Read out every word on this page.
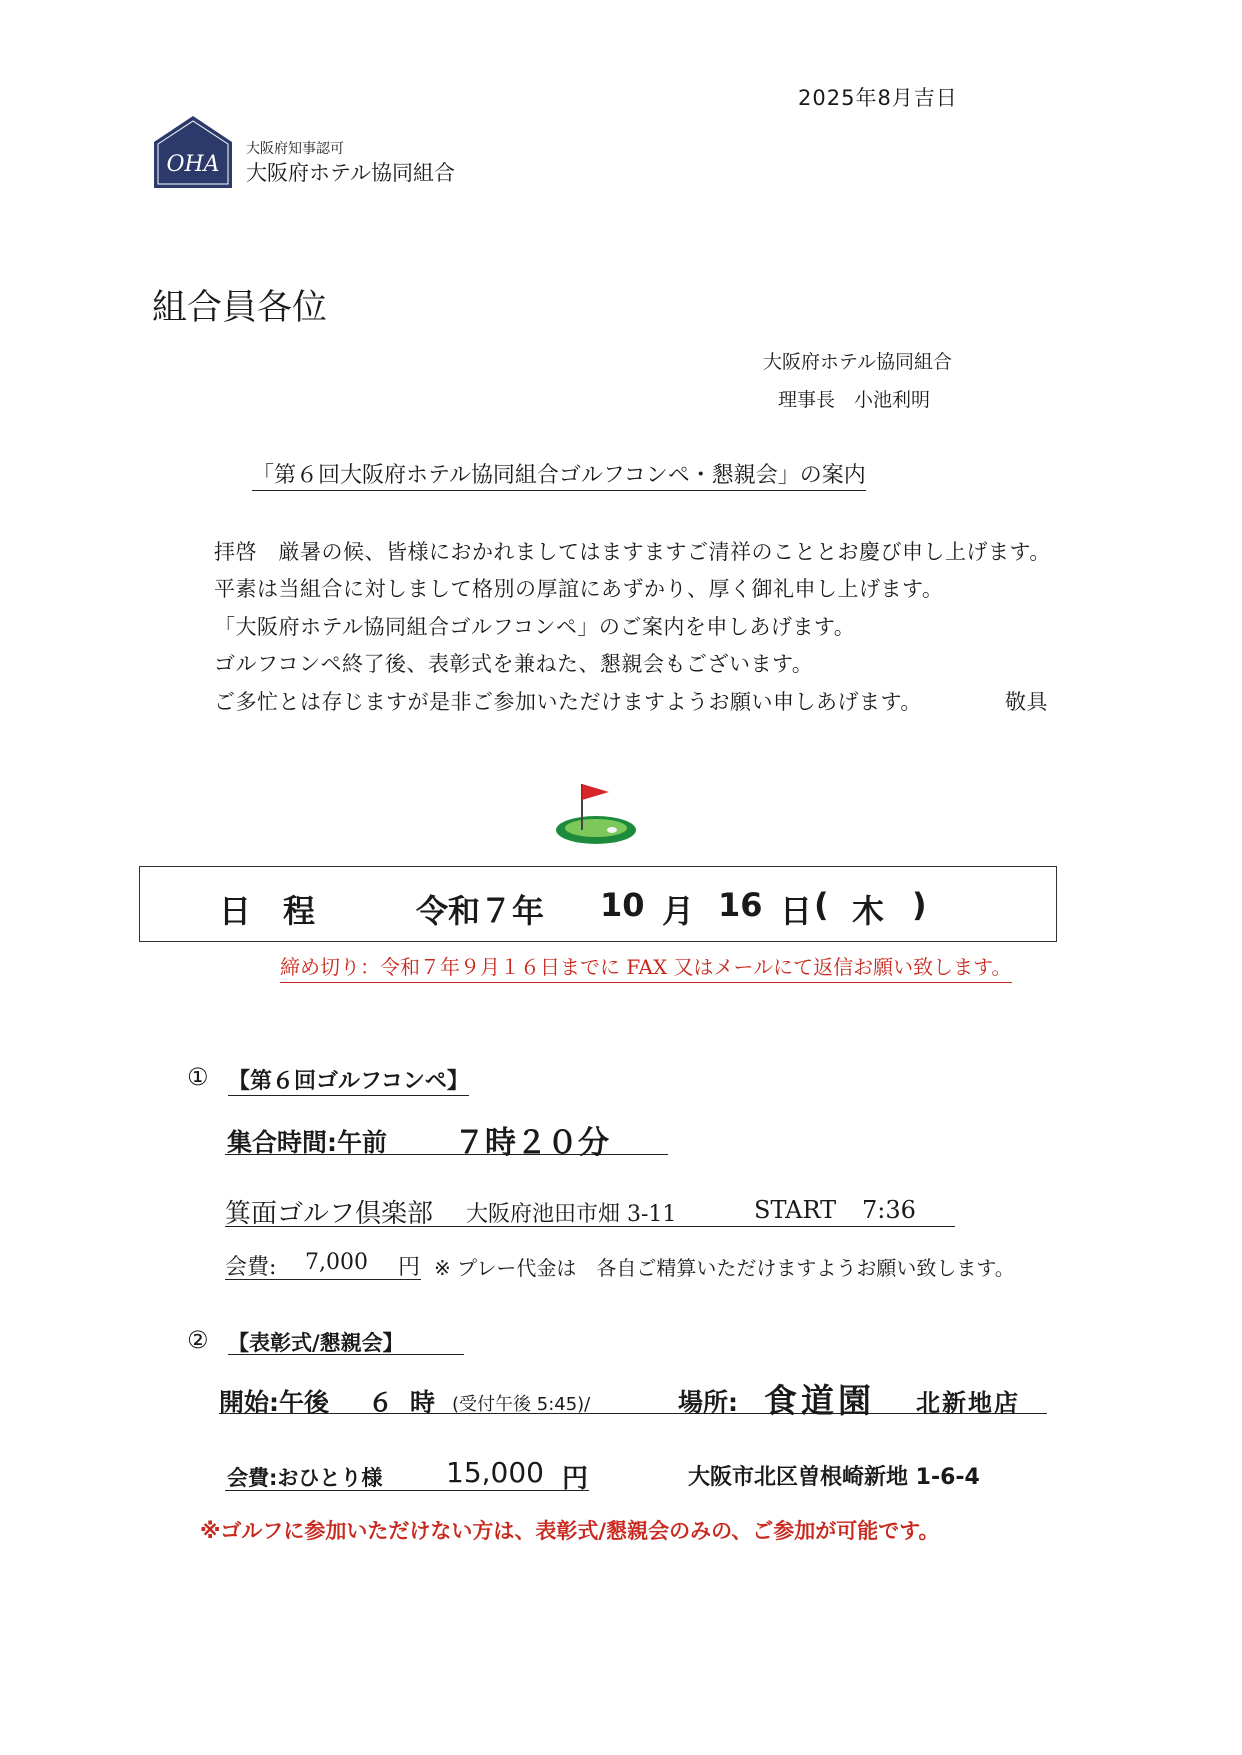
2025年8月吉日
OHA
大阪府知事認可
大阪府ホテル協同組合
組合員各位
大阪府ホテル協同組合
理事長 小池利明
「第６回大阪府ホテル協同組合ゴルフコンペ・懇親会」の案内
拝啓　厳暑の候、皆様におかれましてはますますご清祥のこととお慶び申し上げます。
平素は当組合に対しまして格別の厚誼にあずかり、厚く御礼申し上げます。
「大阪府ホテル協同組合ゴルフコンペ」のご案内を申しあげます。
ゴルフコンペ終了後、表彰式を兼ねた、懇親会もございます。
ご多忙とは存じますが是非ご参加いただけますようお願い申しあげます。	敬具
日　程	令和７年 10 月 16 日 ( 木 )
締め切り：令和７年９月１６日までに FAX 又はメールにて返信お願い致します。
① 【第６回ゴルフコンペ】
集合時間:午前 ７時２０分
箕面ゴルフ倶楽部 大阪府池田市畑 3-11	START 7:36
会費: 7,000 円 ※ プレー代金は　各自ご精算いただけますようお願い致します。
② 【表彰式/懇親会】
開始:午後 ６ 時 (受付午後 5:45)/	場所: 食道園 北新地店
会費:おひとり様 15,000 円	大阪市北区曽根崎新地 1-6-4
※ゴルフに参加いただけない方は、表彰式/懇親会のみの、ご参加が可能です。
